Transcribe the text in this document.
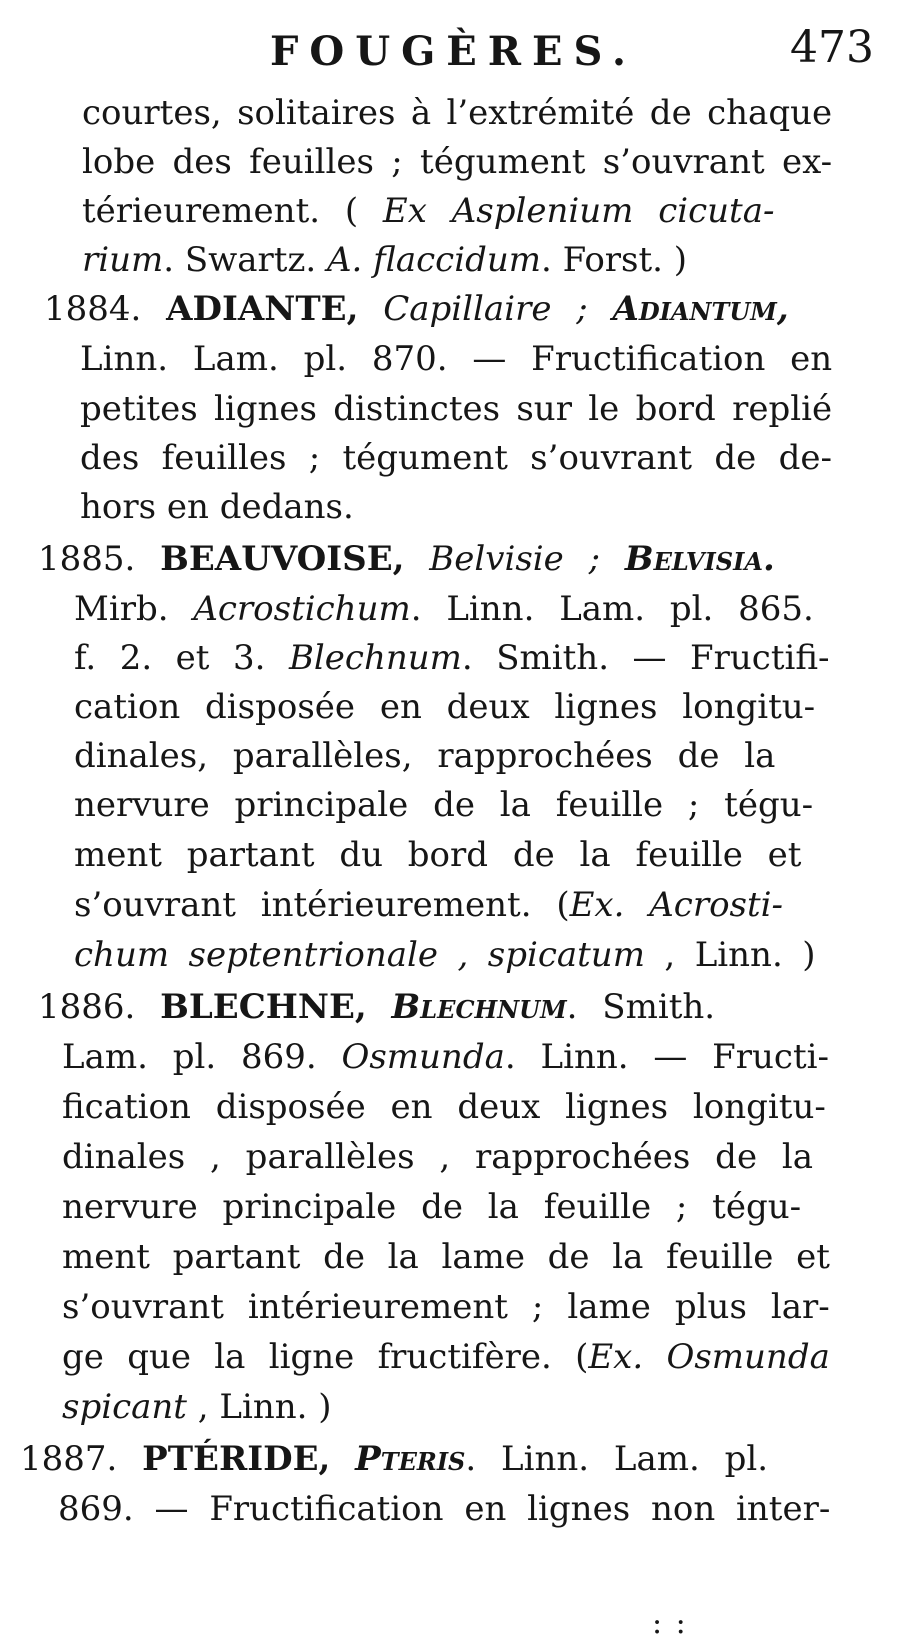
FOUGÈRES.	473
courtes, solitaires à l’extrémité de chaque
lobe des feuilles ; tégument s’ouvrant ex-
térieurement. ( Ex Asplenium cicuta-
rium. Swartz. A. flaccidum. Forst. )
1884. ADIANTE, Capillaire ; Adiantum,
Linn. Lam. pl. 870. — Fructification en
petites lignes distinctes sur le bord replié
des feuilles ; tégument s’ouvrant de de-
hors en dedans.
1885. BEAUVOISE, Belvisie ; Belvisia.
Mirb. Acrostichum. Linn. Lam. pl. 865.
f. 2. et 3. Blechnum. Smith. — Fructifi-
cation disposée en deux lignes longitu-
dinales, parallèles, rapprochées de la
nervure principale de la feuille ; tégu-
ment partant du bord de la feuille et
s’ouvrant intérieurement. (Ex. Acrosti-
chum septentrionale , spicatum , Linn. )
1886. BLECHNE, Blechnum. Smith.
Lam. pl. 869. Osmunda. Linn. — Fructi-
fication disposée en deux lignes longitu-
dinales , parallèles , rapprochées de la
nervure principale de la feuille ; tégu-
ment partant de la lame de la feuille et
s’ouvrant intérieurement ; lame plus lar-
ge que la ligne fructifère. (Ex. Osmunda
spicant , Linn. )
1887. PTÉRIDE, Pteris. Linn. Lam. pl.
869. — Fructification en lignes non inter-
: :
